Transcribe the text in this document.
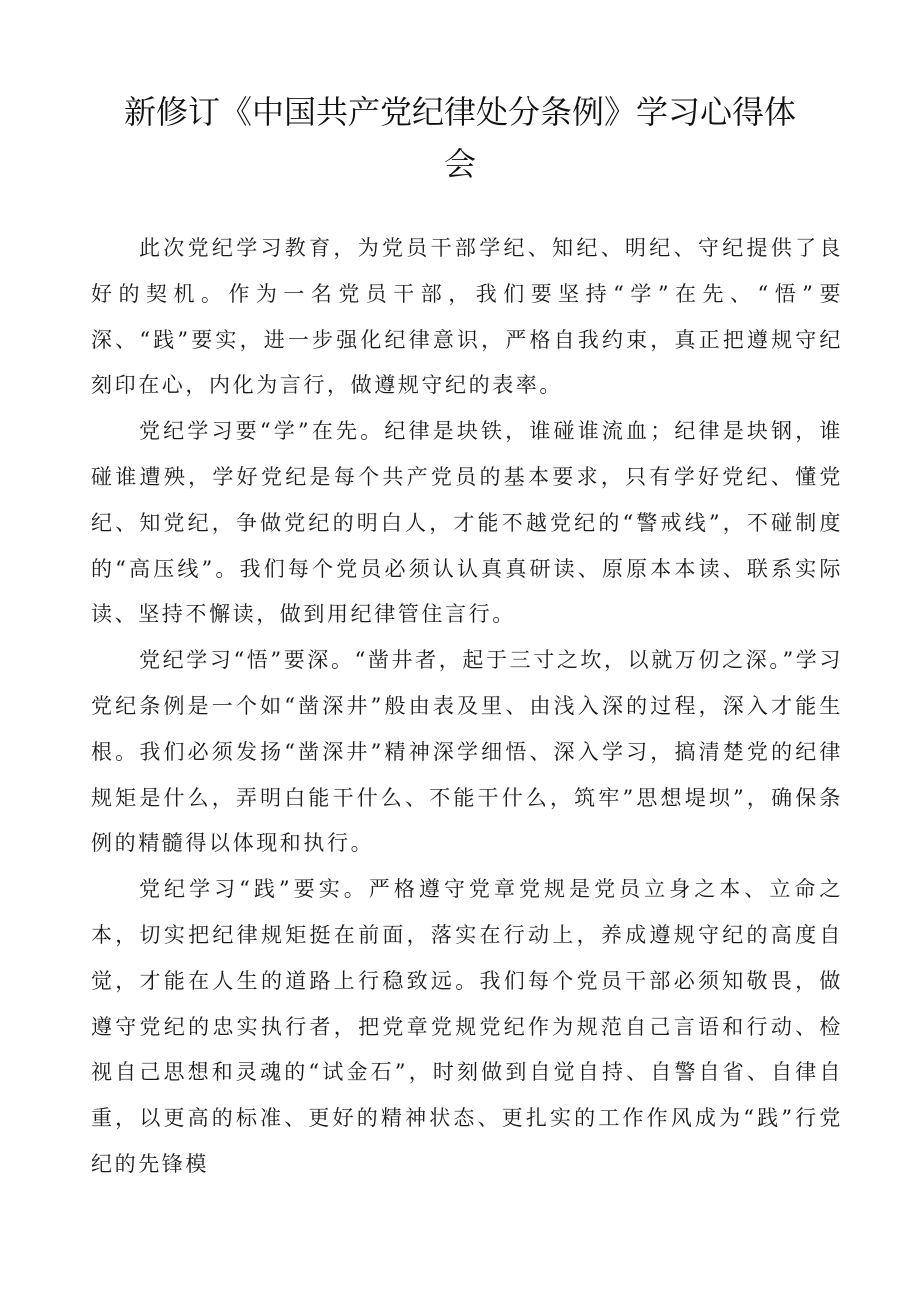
新修订《中国共产党纪律处分条例》学习心得体会

此次党纪学习教育，为党员干部学纪、知纪、明纪、守纪提供了良好的契机。作为一名党员干部，我们要坚持“学”在先、“悟”要深、“践”要实，进一步强化纪律意识，严格自我约束，真正把遵规守纪刻印在心，内化为言行，做遵规守纪的表率。

党纪学习要“学”在先。纪律是块铁，谁碰谁流血；纪律是块钢，谁碰谁遭殃，学好党纪是每个共产党员的基本要求，只有学好党纪、懂党纪、知党纪，争做党纪的明白人，才能不越党纪的“警戒线”，不碰制度的“高压线”。我们每个党员必须认认真真研读、原原本本读、联系实际读、坚持不懈读，做到用纪律管住言行。

党纪学习“悟”要深。“凿井者，起于三寸之坎，以就万仞之深。”学习党纪条例是一个如“凿深井”般由表及里、由浅入深的过程，深入才能生根。我们必须发扬“凿深井”精神深学细悟、深入学习，搞清楚党的纪律规矩是什么，弄明白能干什么、不能干什么，筑牢”思想堤坝”，确保条例的精髓得以体现和执行。

党纪学习“践”要实。严格遵守党章党规是党员立身之本、立命之本，切实把纪律规矩挺在前面，落实在行动上，养成遵规守纪的高度自觉，才能在人生的道路上行稳致远。我们每个党员干部必须知敬畏，做遵守党纪的忠实执行者，把党章党规党纪作为规范自己言语和行动、检视自己思想和灵魂的“试金石”，时刻做到自觉自持、自警自省、自律自重，以更高的标准、更好的精神状态、更扎实的工作作风成为“践”行党纪的先锋模
